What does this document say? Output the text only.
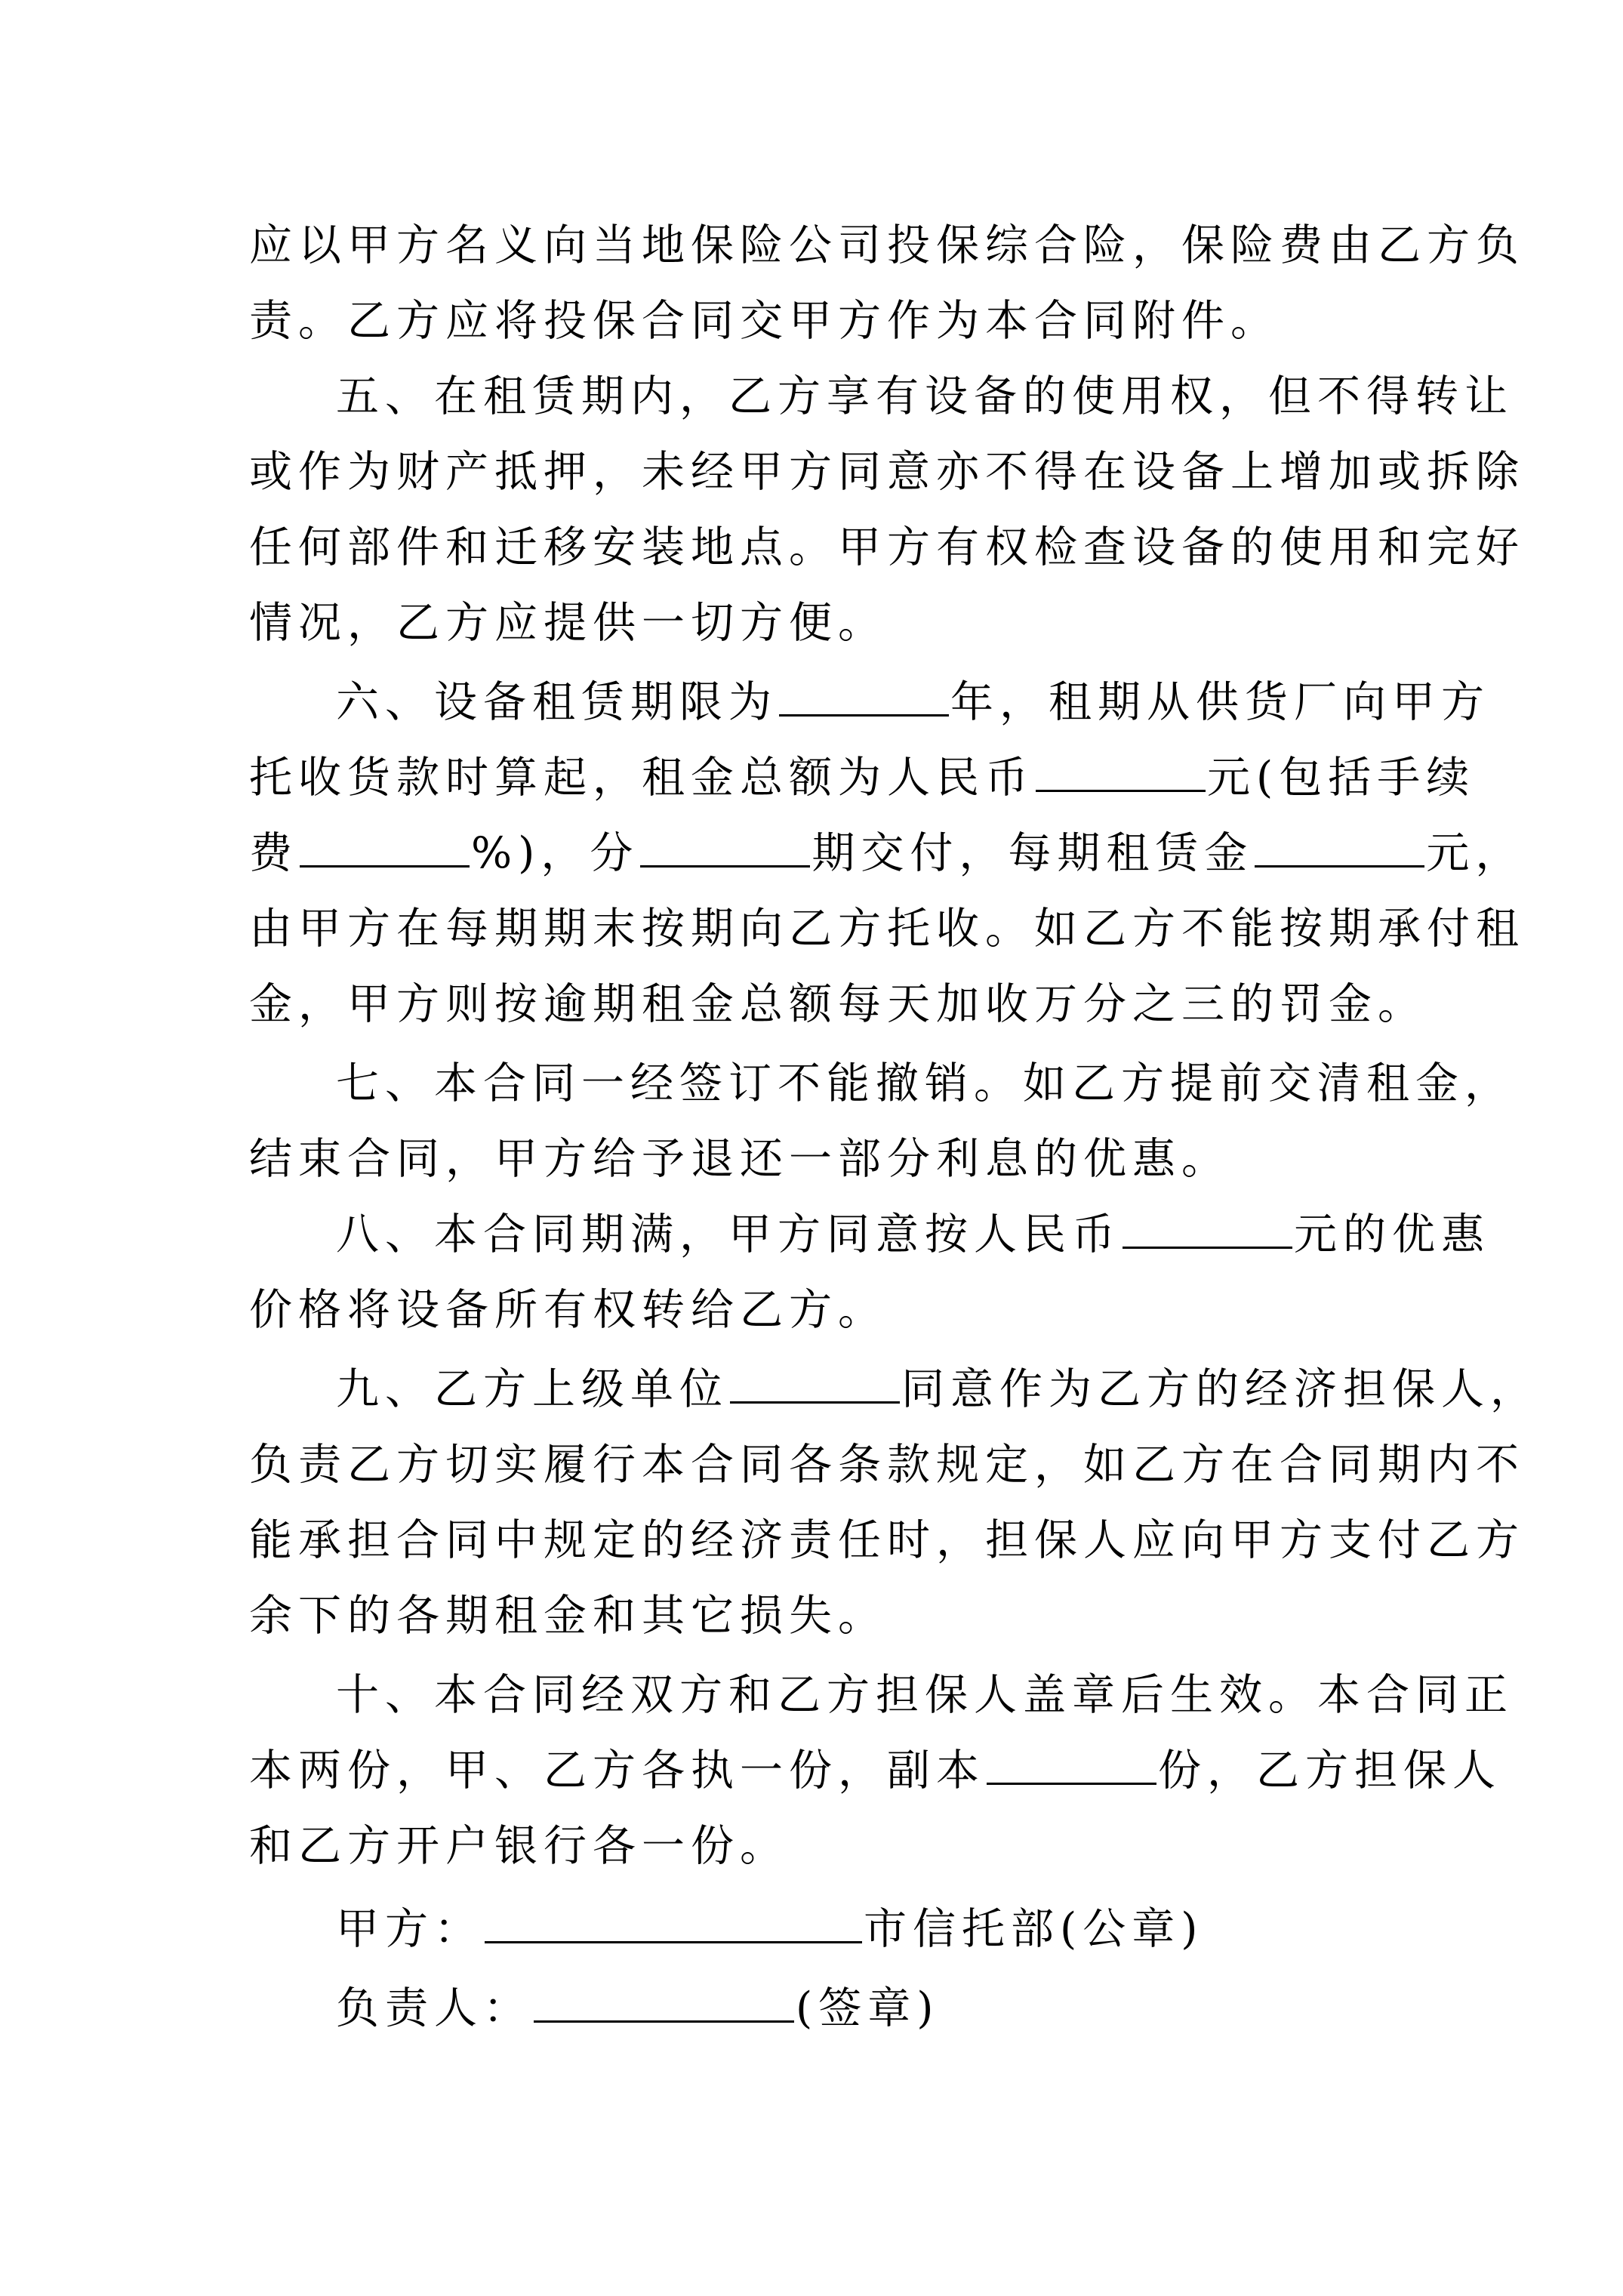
应以甲方名义向当地保险公司投保综合险，保险费由乙方负
责。乙方应将投保合同交甲方作为本合同附件。
五、在租赁期内，乙方享有设备的使用权，但不得转让
或作为财产抵押，未经甲方同意亦不得在设备上增加或拆除
任何部件和迁移安装地点。甲方有权检查设备的使用和完好
情况，乙方应提供一切方便。
六、设备租赁期限为	年，租期从供货厂向甲方
托收货款时算起，租金总额为人民币	元(包括手续
费	%)，分	期交付，每期租赁金	元，
由甲方在每期期末按期向乙方托收。如乙方不能按期承付租
金，甲方则按逾期租金总额每天加收万分之三的罚金。
七、本合同一经签订不能撤销。如乙方提前交清租金，
结束合同，甲方给予退还一部分利息的优惠。
八、本合同期满，甲方同意按人民币	元的优惠
价格将设备所有权转给乙方。
九、乙方上级单位	同意作为乙方的经济担保人，
负责乙方切实履行本合同各条款规定，如乙方在合同期内不
能承担合同中规定的经济责任时，担保人应向甲方支付乙方
余下的各期租金和其它损失。
十、本合同经双方和乙方担保人盖章后生效。本合同正
本两份，甲、乙方各执一份，副本	份，乙方担保人
和乙方开户银行各一份。
甲方：	市信托部(公章)
负责人：	(签章)
